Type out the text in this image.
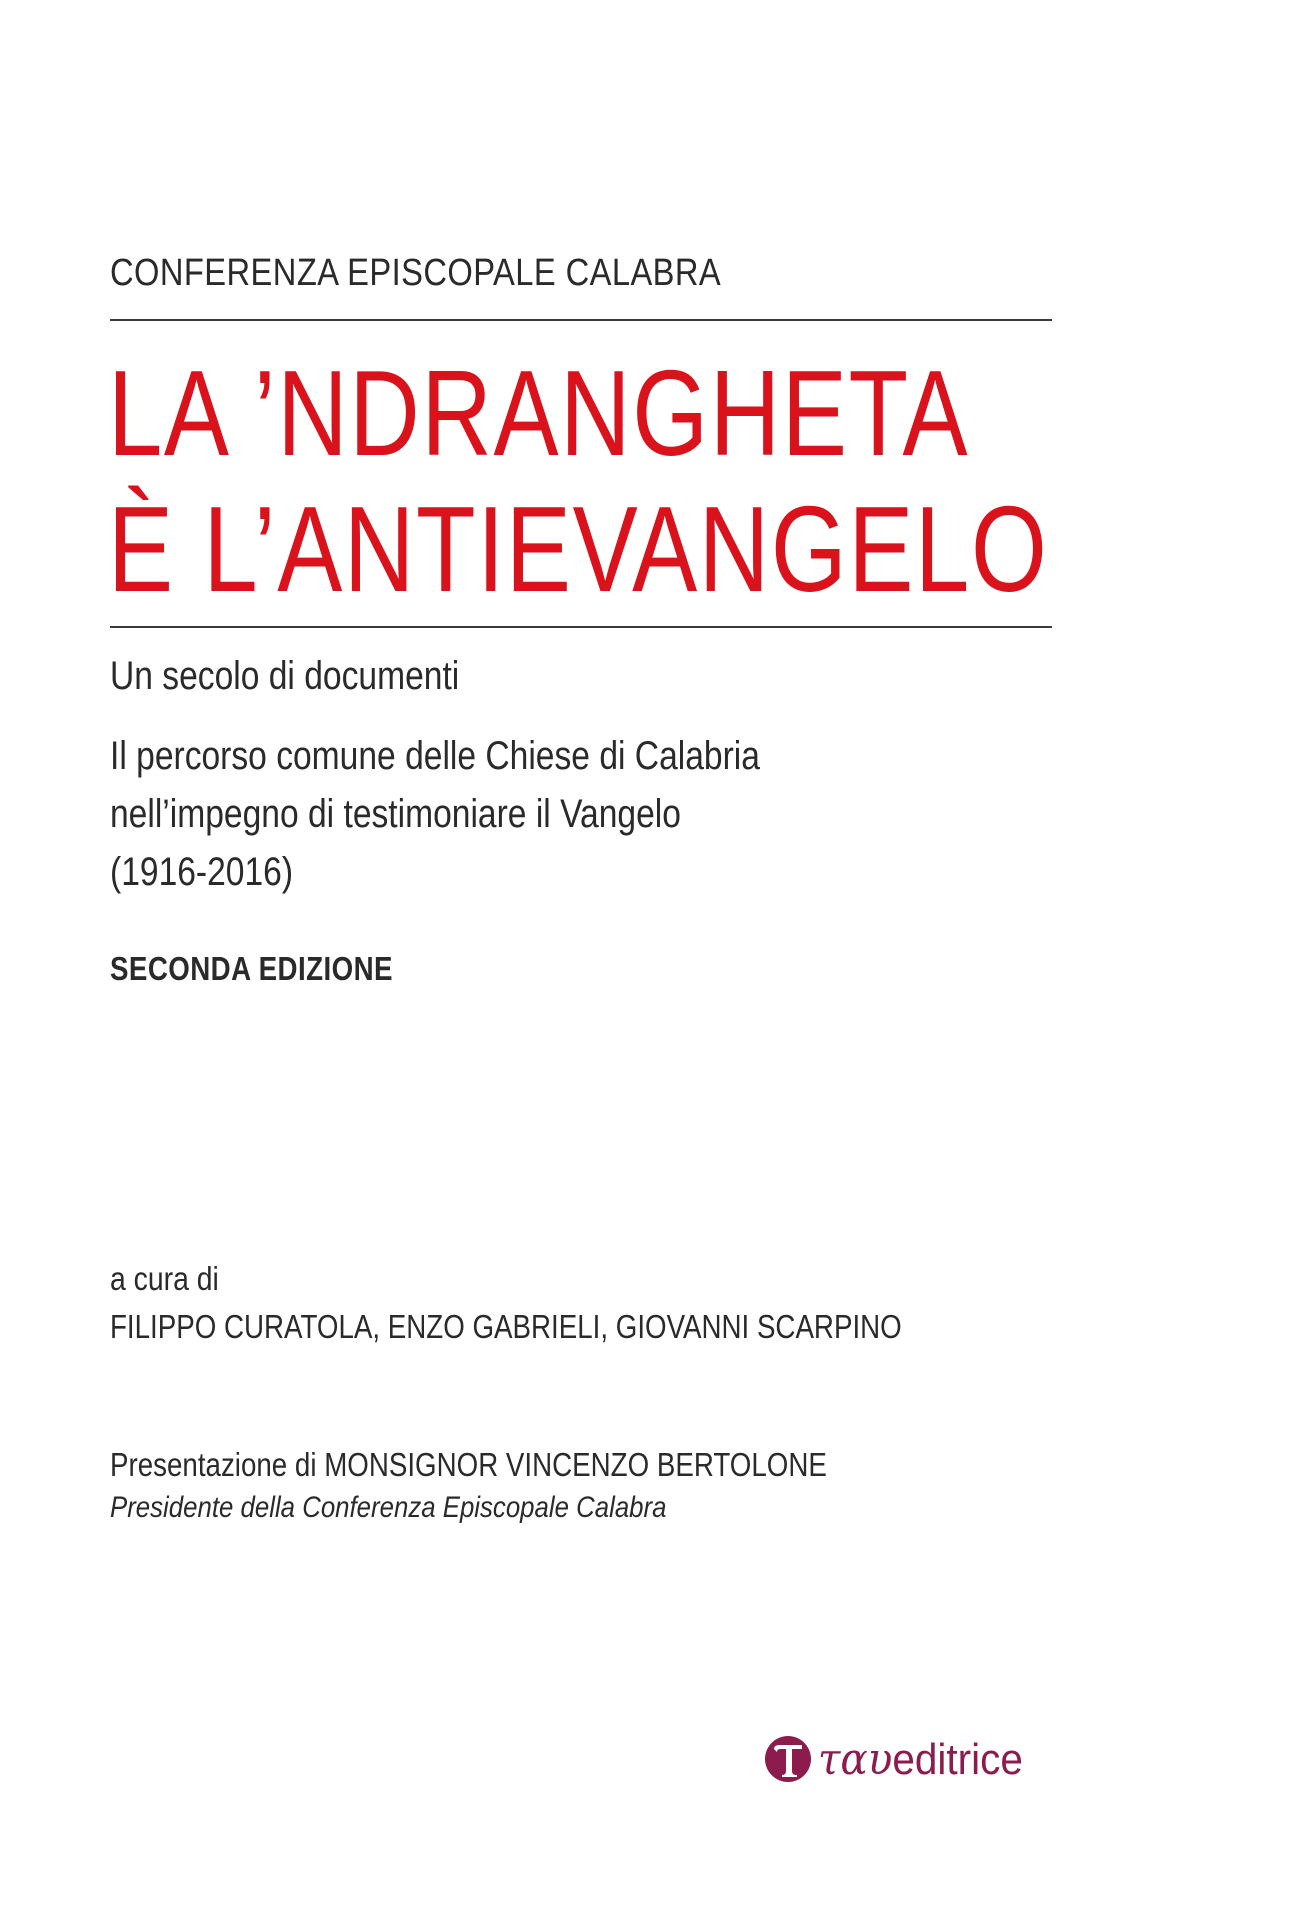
CONFERENZA EPISCOPALE CALABRA

LA ’NDRANGHETA
È L’ANTIEVANGELO

Un secolo di documenti

Il percorso comune delle Chiese di Calabria

nell’impegno di testimoniare il Vangelo

(1916-2016)

SECONDA EDIZIONE

a cura di

FILIPPO CURATOLA, ENZO GABRIELI, GIOVANNI SCARPINO

Presentazione di MONSIGNOR VINCENZO BERTOLONE

Presidente della Conferenza Episcopale Calabra

ταυeditrice
